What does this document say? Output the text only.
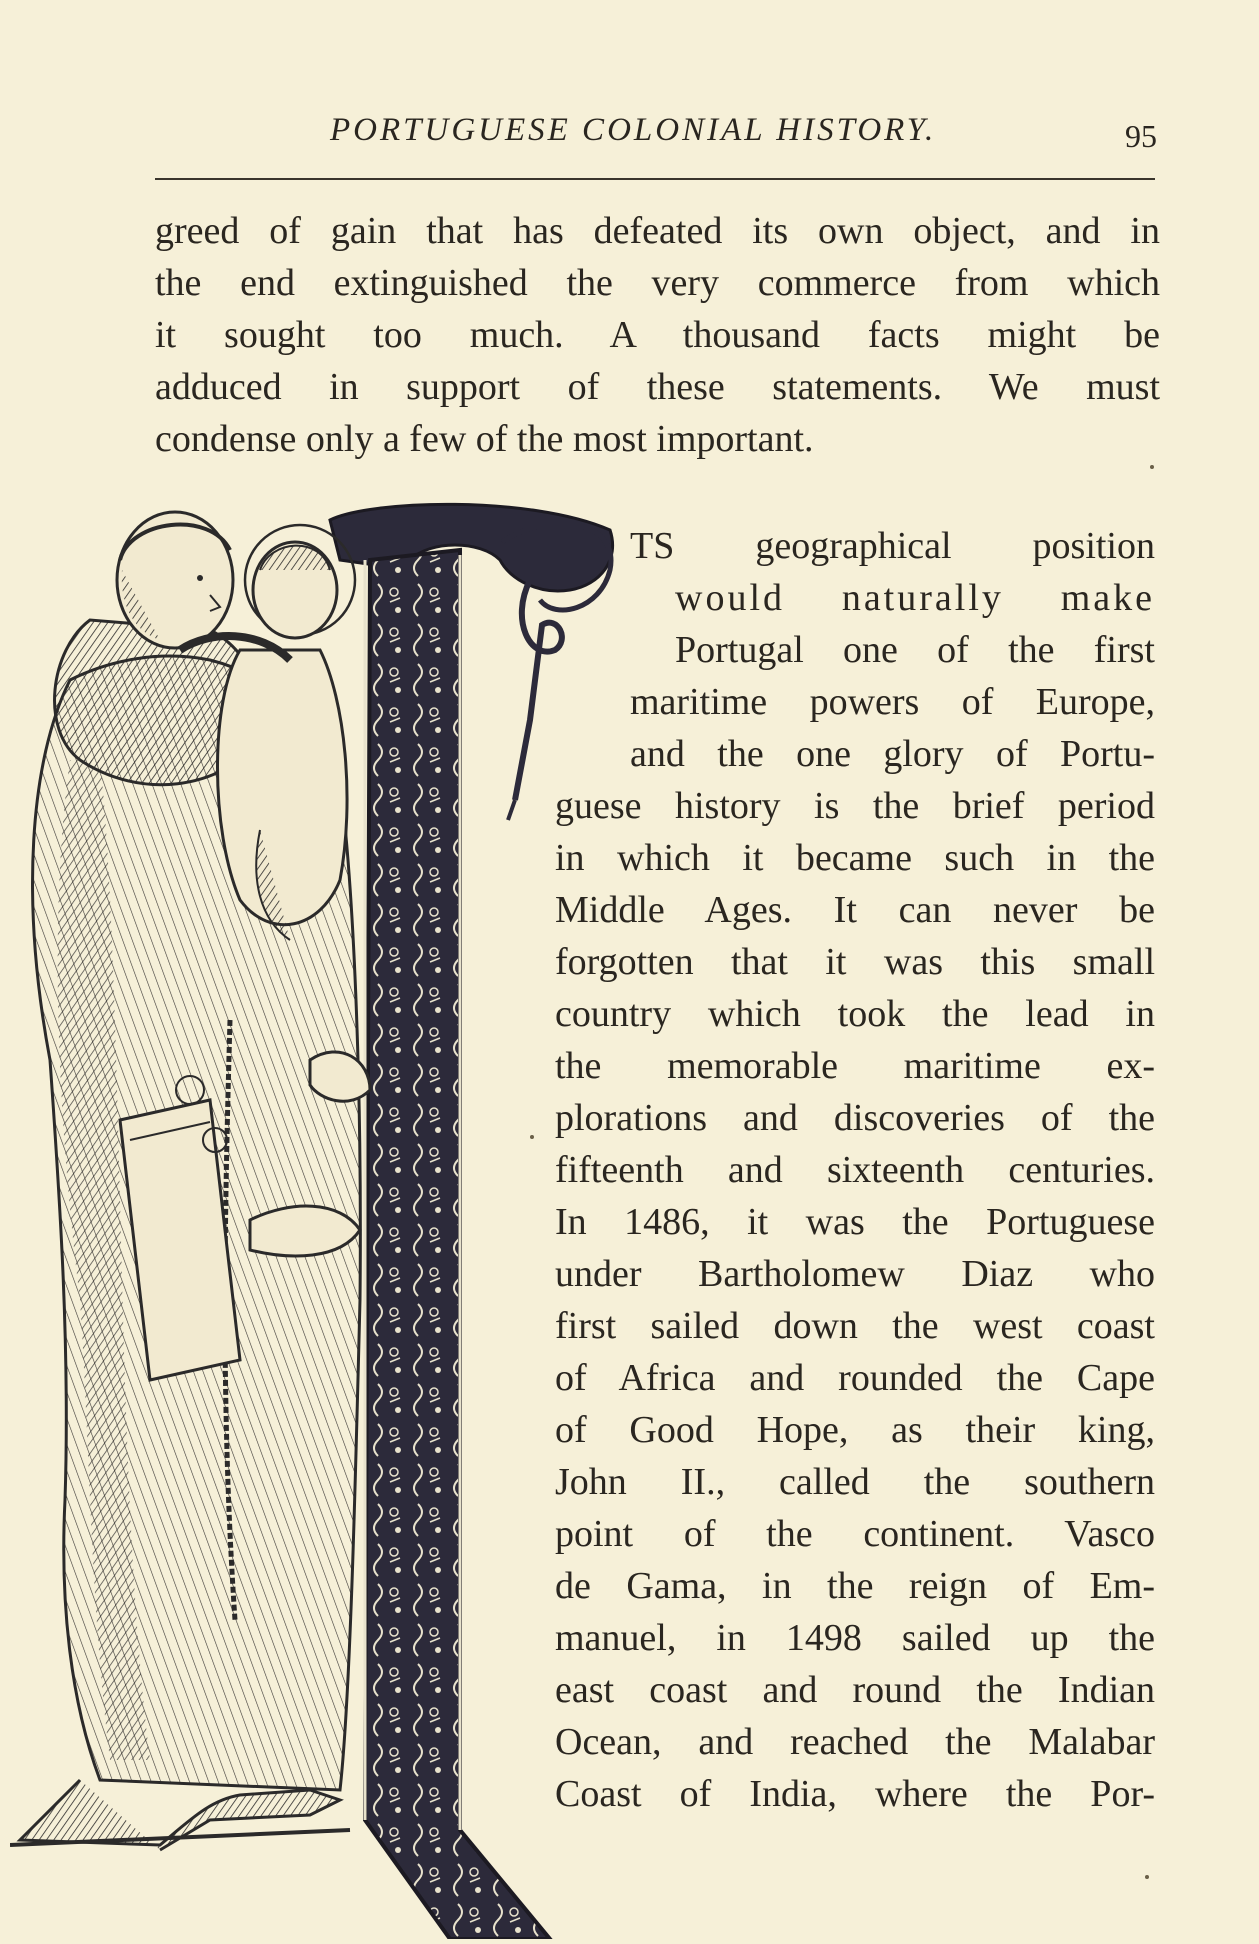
PORTUGUESE COLONIAL HISTORY.	95
greed of gain that has defeated its own object, and in
the end extinguished the very commerce from which
it sought too much. A thousand facts might be
adduced in support of these statements. We must
condense only a few of the most important.
TS geographical position
would naturally make
Portugal one of the first
maritime powers of Europe,
and the one glory of Portu-
guese history is the brief period
in which it became such in the
Middle Ages. It can never be
forgotten that it was this small
country which took the lead in
the memorable maritime ex-
plorations and discoveries of the
fifteenth and sixteenth centuries.
In 1486, it was the Portuguese
under Bartholomew Diaz who
first sailed down the west coast
of Africa and rounded the Cape
of Good Hope, as their king,
John II., called the southern
point of the continent. Vasco
de Gama, in the reign of Em-
manuel, in 1498 sailed up the
east coast and round the Indian
Ocean, and reached the Malabar
Coast of India, where the Por-
